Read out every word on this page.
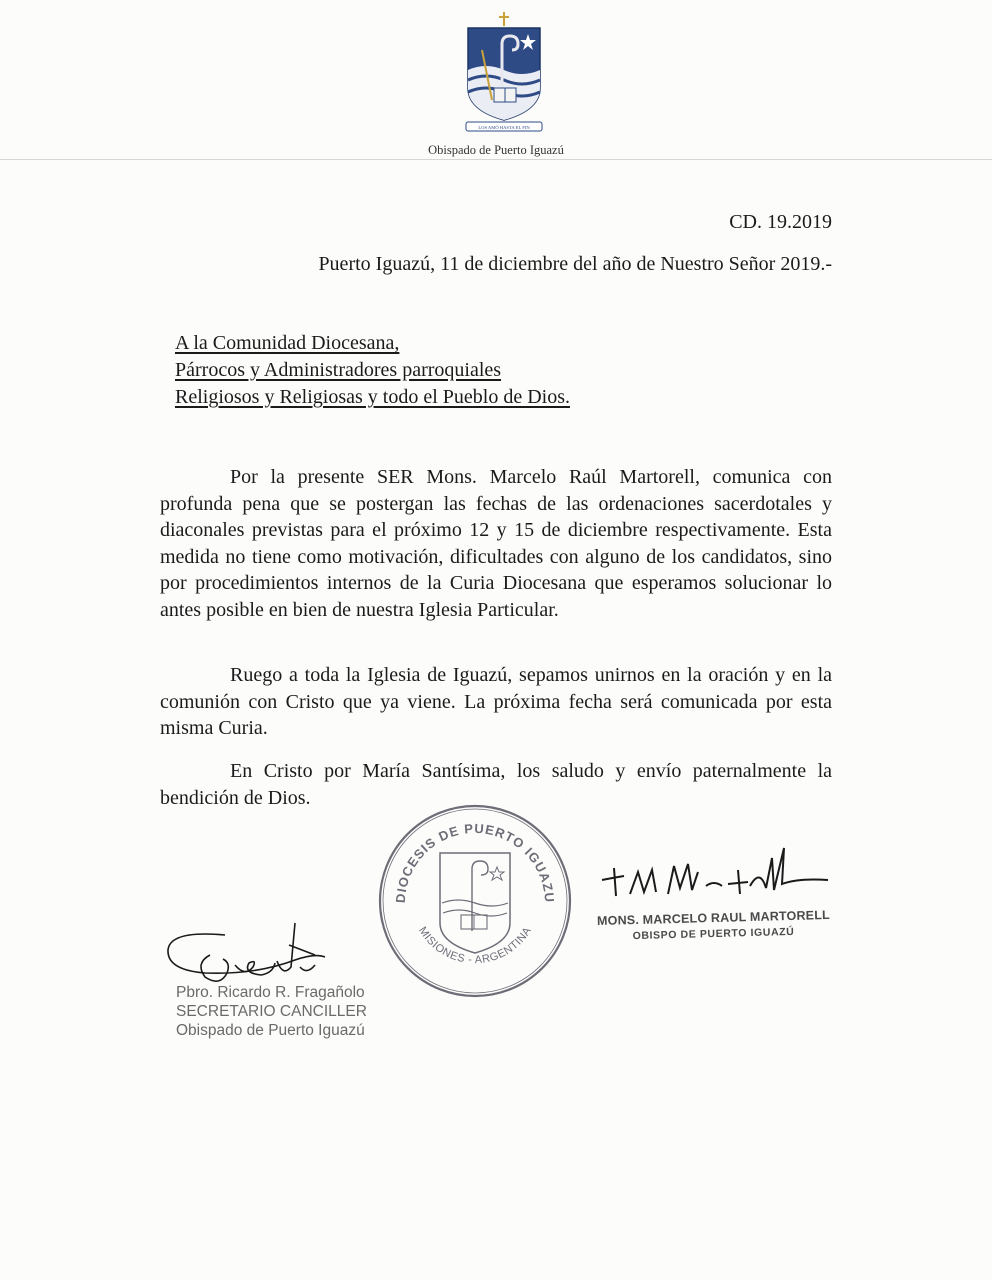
LOS AMÓ HASTA EL FIN
Obispado de Puerto Iguazú
CD. 19.2019
Puerto Iguazú, 11 de diciembre del año de Nuestro Señor 2019.-
A la Comunidad Diocesana,
Párrocos y Administradores parroquiales
Religiosos y Religiosas y todo el Pueblo de Dios.

Por la presente SER Mons. Marcelo Raúl Martorell, comunica con profunda pena que se postergan las fechas de las ordenaciones sacerdotales y diaconales previstas para el próximo 12 y 15 de diciembre respectivamente. Esta medida no tiene como motivación, dificultades con alguno de los candidatos, sino por procedimientos internos de la Curia Diocesana que esperamos solucionar lo antes posible en bien de nuestra Iglesia Particular.

Ruego a toda la Iglesia de Iguazú, sepamos unirnos en la oración y en la comunión con Cristo que ya viene. La próxima fecha será comunicada por esta misma Curia.

En Cristo por María Santísima, los saludo y envío paternalmente la bendición de Dios.

Pbro. Ricardo R. Fragañolo
SECRETARIO CANCILLER
Obispado de Puerto Iguazú
DIOCESIS DE PUERTO IGUAZU
MISIONES - ARGENTINA
MONS. MARCELO RAUL MARTORELL
OBISPO DE PUERTO IGUAZÚ
